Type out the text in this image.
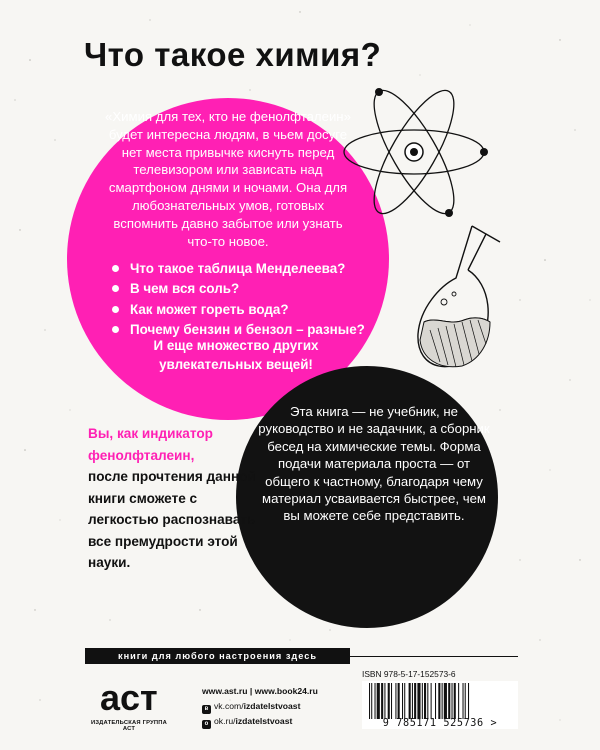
Что такое химия?

«Химия для тех, кто не фенолфталеин» будет интересна людям, в чьем досуге нет места привычке киснуть перед телевизором или зависать над смартфоном днями и ночами. Она для любознательных умов, готовых вспомнить давно забытое или узнать что-то новое.

Что такое таблица Менделеева?
В чем вся соль?
Как может гореть вода?
Почему бензин и бензол – разные?

И еще множество других увлекательных вещей!

Эта книга — не учебник, не руководство и не задачник, а сборник бесед на химические темы. Форма подачи материала проста — от общего к частному, благодаря чему материал усваивается быстрее, чем вы можете себе представить.

Вы, как индикатор фенолфталеин,
после прочтения данной книги сможете с легкостью распознавать все премудрости этой науки.
книги для любого настроения здесь
аст
ИЗДАТЕЛЬСКАЯ ГРУППА АСТ
www.ast.ru | www.book24.ru
в vk.com/izdatelstvoast
о ok.ru/izdatelstvoast
ISBN 978-5-17-152573-6
9 785171 525736 >
